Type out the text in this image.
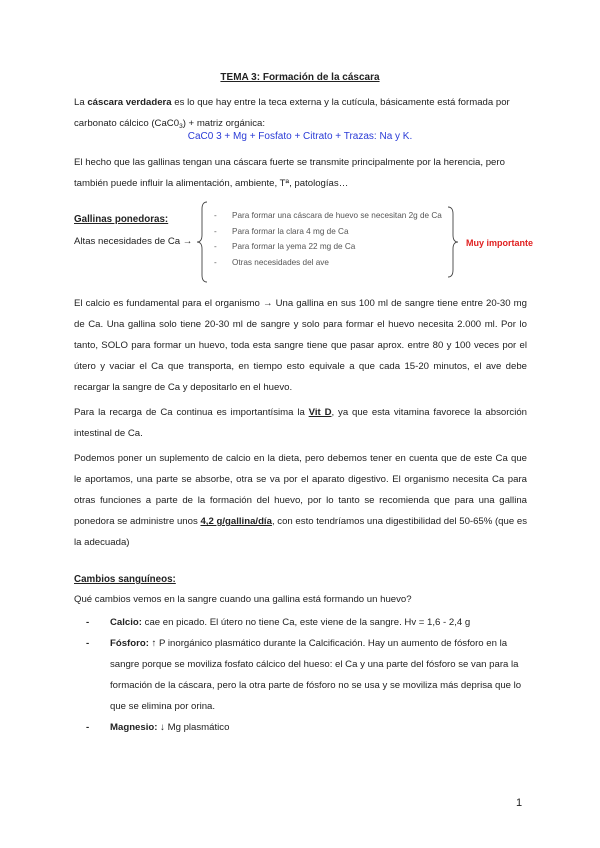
TEMA 3: Formación de la cáscara

La cáscara verdadera es lo que hay entre la teca externa y la cutícula, básicamente está formada por carbonato cálcico $(CaC0_3)$ + matriz orgánica:

CaC0 3 + Mg + Fosfato + Citrato + Trazas: Na y K.

El hecho que las gallinas tengan una cáscara fuerte se transmite principalmente por la herencia, pero también puede influir la alimentación, ambiente, Tª, patologías…

Gallinas ponedoras:

Altas necesidades de Ca →

- Para formar una cáscara de huevo se necesitan 2g de Ca
- Para formar la clara 4 mg de Ca
- Para formar la yema 22 mg de Ca
- Otras necesidades del ave

Muy importante

El calcio es fundamental para el organismo → Una gallina en sus 100 ml de sangre tiene entre 20-30 mg de Ca. Una gallina solo tiene 20-30 ml de sangre y solo para formar el huevo necesita 2.000 ml. Por lo tanto, SOLO para formar un huevo, toda esta sangre tiene que pasar aprox. entre 80 y 100 veces por el útero y vaciar el Ca que transporta, en tiempo esto equivale a que cada 15-20 minutos, el ave debe recargar la sangre de Ca y depositarlo en el huevo.

Para la recarga de Ca continua es importantísima la Vit D, ya que esta vitamina favorece la absorción intestinal de Ca.

Podemos poner un suplemento de calcio en la dieta, pero debemos tener en cuenta que de este Ca que le aportamos, una parte se absorbe, otra se va por el aparato digestivo. El organismo necesita Ca para otras funciones a parte de la formación del huevo, por lo tanto se recomienda que para una gallina ponedora se administre unos 4,2 g/gallina/día, con esto tendríamos una digestibilidad del 50-65% (que es la adecuada)

Cambios sanguíneos:

Qué cambios vemos en la sangre cuando una gallina está formando un huevo?

- Calcio: cae en picado. El útero no tiene Ca, este viene de la sangre. Hv = 1,6 - 2,4 g
- Fósforo: ↑ P inorgánico plasmático durante la Calcificación. Hay un aumento de fósforo en la sangre porque se moviliza fosfato cálcico del hueso: el Ca y una parte del fósforo se van para la formación de la cáscara, pero la otra parte de fósforo no se usa y se moviliza más deprisa que lo que se elimina por orina.
- Magnesio: ↓ Mg plasmático

1
